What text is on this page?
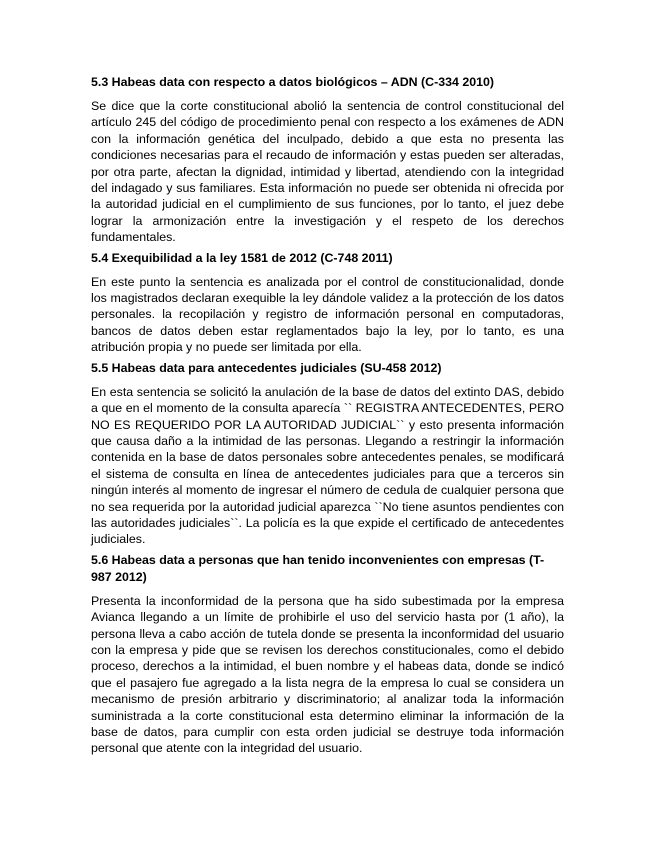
5.3 Habeas data con respecto a datos biológicos – ADN (C-334 2010)

Se dice que la corte constitucional abolió la sentencia de control constitucional del artículo 245 del código de procedimiento penal con respecto a los exámenes de ADN con la información genética del inculpado, debido a que esta no presenta las condiciones necesarias para el recaudo de información y estas pueden ser alteradas, por otra parte, afectan la dignidad, intimidad y libertad, atendiendo con la integridad del indagado y sus familiares. Esta información no puede ser obtenida ni ofrecida por la autoridad judicial en el cumplimiento de sus funciones, por lo tanto, el juez debe lograr la armonización entre la investigación y el respeto de los derechos fundamentales.

5.4 Exequibilidad a la ley 1581 de 2012 (C-748 2011)

En este punto la sentencia es analizada por el control de constitucionalidad, donde los magistrados declaran exequible la ley dándole validez a la protección de los datos personales. la recopilación y registro de información personal en computadoras, bancos de datos deben estar reglamentados bajo la ley, por lo tanto, es una atribución propia y no puede ser limitada por ella.

5.5 Habeas data para antecedentes judiciales (SU-458 2012)

En esta sentencia se solicitó la anulación de la base de datos del extinto DAS, debido a que en el momento de la consulta aparecía `` REGISTRA ANTECEDENTES, PERO NO ES REQUERIDO POR LA AUTORIDAD JUDICIAL`` y esto presenta información que causa daño a la intimidad de las personas. Llegando a restringir la información contenida en la base de datos personales sobre antecedentes penales, se modificará el sistema de consulta en línea de antecedentes judiciales para que a terceros sin ningún interés al momento de ingresar el número de cedula de cualquier persona que no sea requerida por la autoridad judicial aparezca ``No tiene asuntos pendientes con las autoridades judiciales``. La policía es la que expide el certificado de antecedentes judiciales.

5.6 Habeas data a personas que han tenido inconvenientes con empresas (T-987 2012)

Presenta la inconformidad de la persona que ha sido subestimada por la empresa Avianca llegando a un límite de prohibirle el uso del servicio hasta por (1 año), la persona lleva a cabo acción de tutela donde se presenta la inconformidad del usuario con la empresa y pide que se revisen los derechos constitucionales, como el debido proceso, derechos a la intimidad, el buen nombre y el habeas data, donde se indicó que el pasajero fue agregado a la lista negra de la empresa lo cual se considera un mecanismo de presión arbitrario y discriminatorio; al analizar toda la información suministrada a la corte constitucional esta determino eliminar la información de la base de datos, para cumplir con esta orden judicial se destruye toda información personal que atente con la integridad del usuario.
